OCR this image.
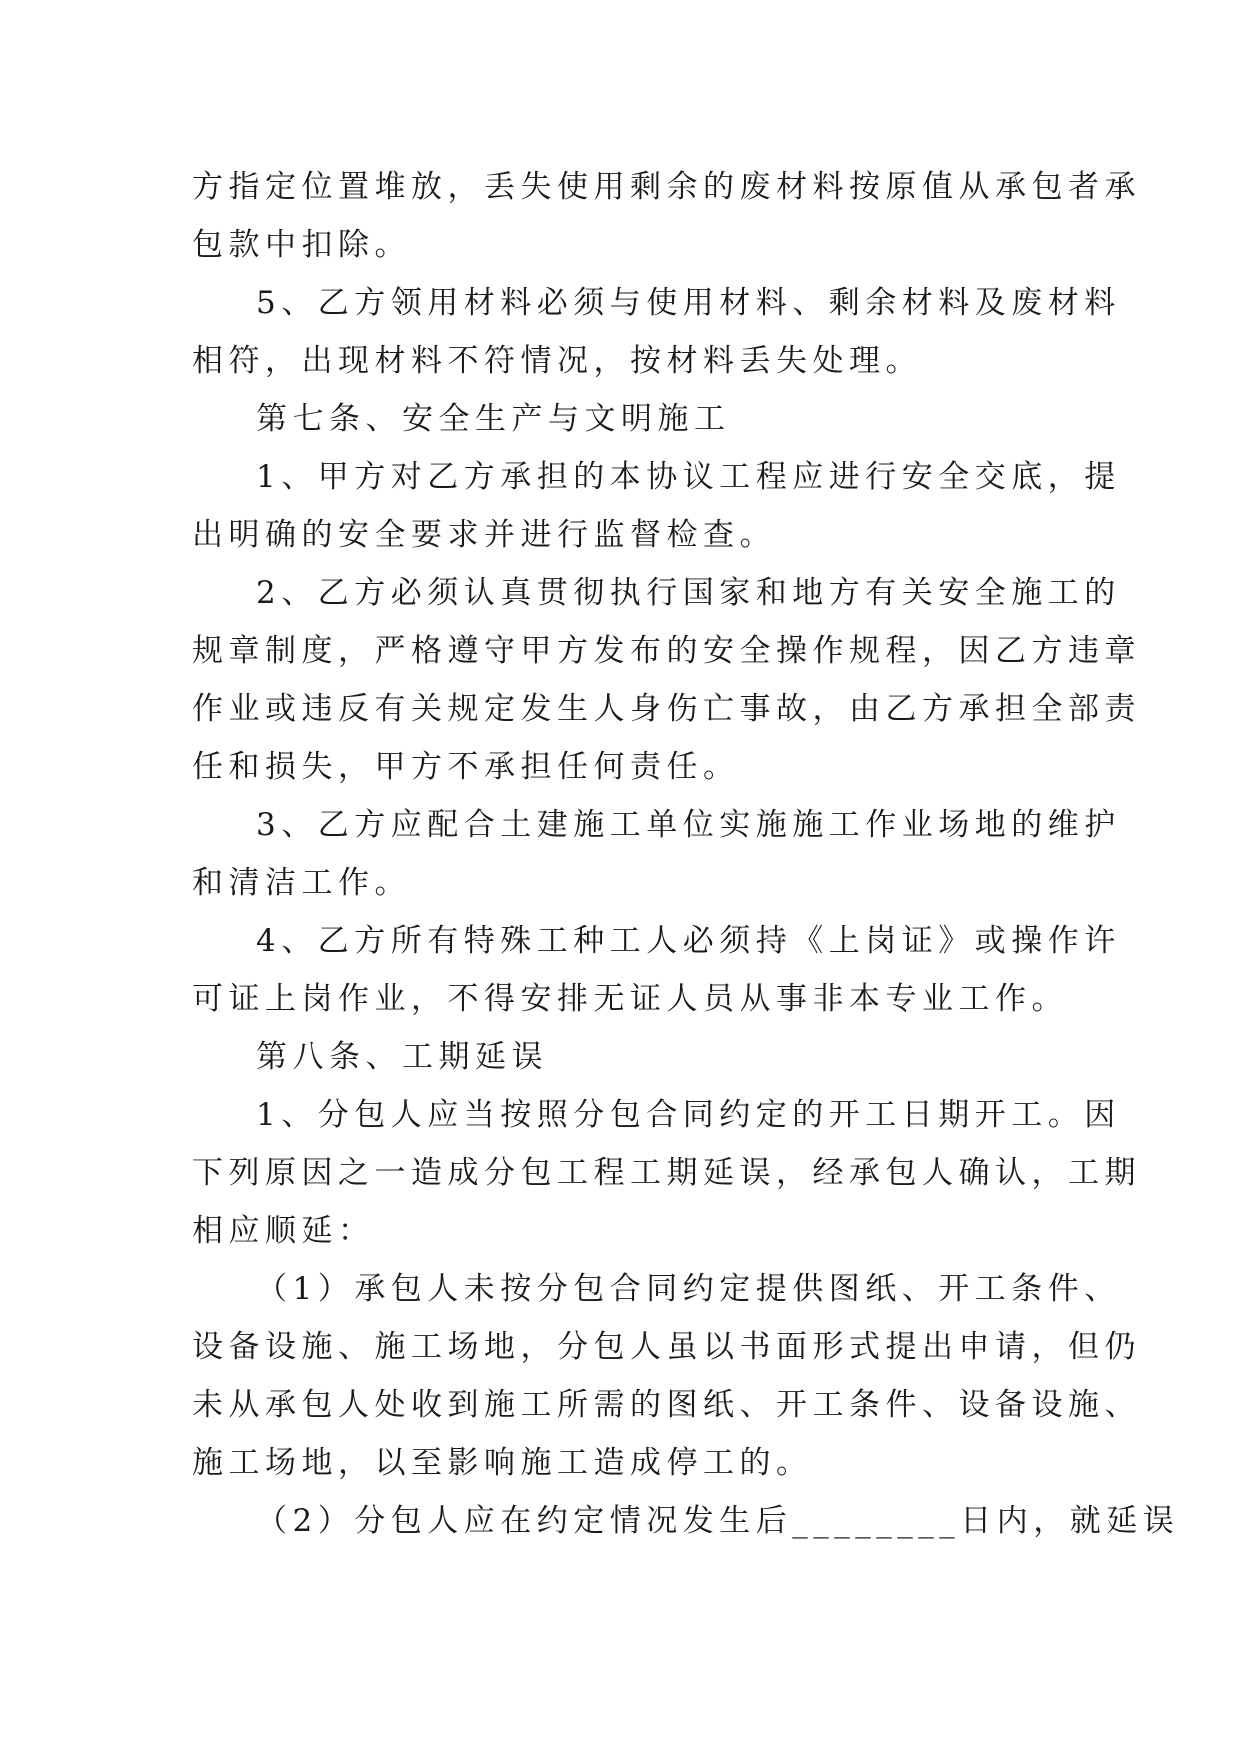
方指定位置堆放，丢失使用剩余的废材料按原值从承包者承
包款中扣除。
5、乙方领用材料必须与使用材料、剩余材料及废材料
相符，出现材料不符情况，按材料丢失处理。
第七条、安全生产与文明施工
1、甲方对乙方承担的本协议工程应进行安全交底，提
出明确的安全要求并进行监督检查。
2、乙方必须认真贯彻执行国家和地方有关安全施工的
规章制度，严格遵守甲方发布的安全操作规程，因乙方违章
作业或违反有关规定发生人身伤亡事故，由乙方承担全部责
任和损失，甲方不承担任何责任。
3、乙方应配合土建施工单位实施施工作业场地的维护
和清洁工作。
4、乙方所有特殊工种工人必须持《上岗证》或操作许
可证上岗作业，不得安排无证人员从事非本专业工作。
第八条、工期延误
1、分包人应当按照分包合同约定的开工日期开工。因
下列原因之一造成分包工程工期延误，经承包人确认，工期
相应顺延：
（1）承包人未按分包合同约定提供图纸、开工条件、
设备设施、施工场地，分包人虽以书面形式提出申请，但仍
未从承包人处收到施工所需的图纸、开工条件、设备设施、
施工场地，以至影响施工造成停工的。
（2）分包人应在约定情况发生后________日内，就延误
